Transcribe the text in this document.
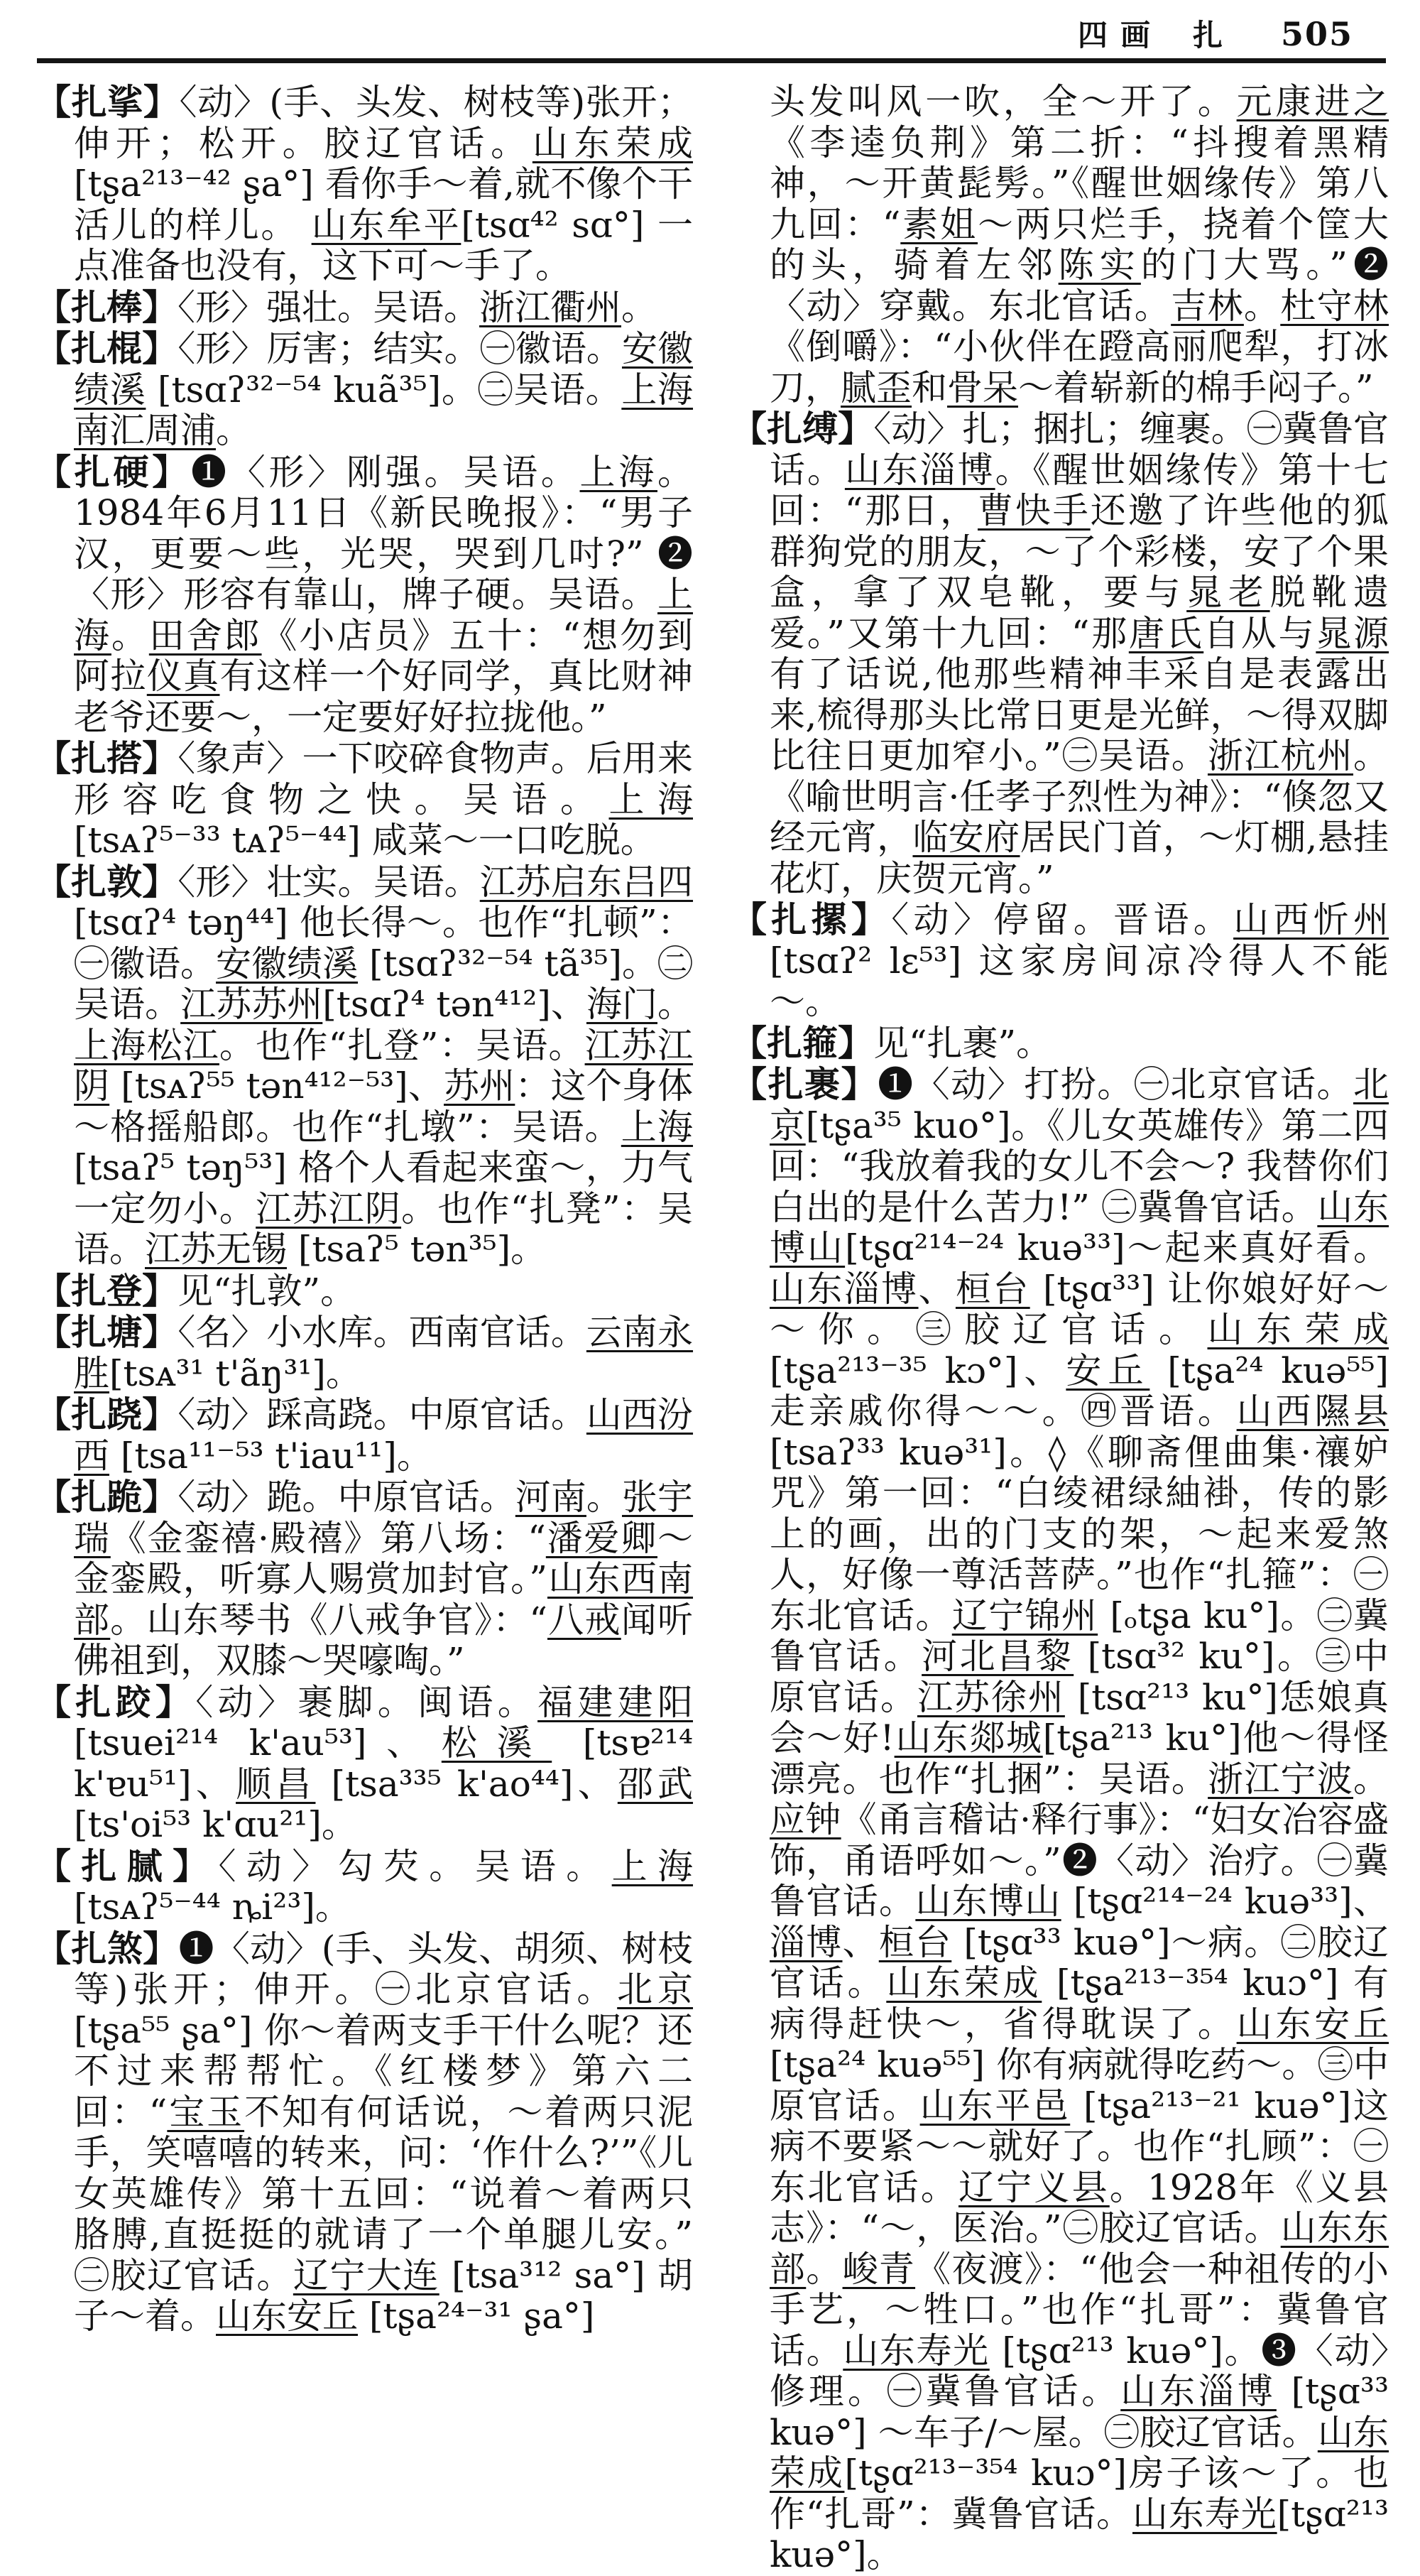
四画 扎 505
【扎挲】〈动〉(手、头发、树枝等)张开；伸开；松开。胶辽官话。山东荣成 [tʂa²¹³⁻⁴² ʂa°] 看你手～着,就不像个干活儿的样儿。 山东牟平[tsɑ⁴² sɑ°] 一点准备也没有，这下可～手了。
【扎棒】〈形〉强壮。吴语。浙江衢州。
【扎棍】〈形〉厉害；结实。㊀徽语。安徽绩溪 [tsɑʔ³²⁻⁵⁴ kuã³⁵]。㊁吴语。上海南汇周浦。
【扎硬】❶〈形〉刚强。吴语。上海。1984年6月11日《新民晚报》：“男子汉，更要～些，光哭，哭到几吋?” ❷〈形〉形容有靠山，牌子硬。吴语。上海。田舍郎《小店员》五十：“想勿到阿拉仪真有这样一个好同学，真比财神老爷还要～，一定要好好拉拢他。”
【扎搭】〈象声〉一下咬碎食物声。后用来形容吃食物之快。吴语。上海 [tsᴀʔ⁵⁻³³ tᴀʔ⁵⁻⁴⁴] 咸菜～一口吃脱。
【扎敦】〈形〉壮实。吴语。江苏启东吕四 [tsɑʔ⁴ təŋ⁴⁴] 他长得～。也作“扎顿”：㊀徽语。安徽绩溪 [tsɑʔ³²⁻⁵⁴ tã³⁵]。㊁吴语。江苏苏州[tsɑʔ⁴ tən⁴¹²]、海门。上海松江。也作“扎登”：吴语。江苏江阴 [tsᴀʔ⁵⁵ tən⁴¹²⁻⁵³]、苏州：这个身体～格摇船郎。也作“扎墩”：吴语。上海 [tsaʔ⁵ təŋ⁵³] 格个人看起来蛮～，力气一定勿小。江苏江阴。也作“扎凳”：吴语。江苏无锡 [tsaʔ⁵ tən³⁵]。
【扎登】见“扎敦”。
【扎塘】〈名〉小水库。西南官话。云南永胜[tsᴀ³¹ t'ãŋ³¹]。
【扎跷】〈动〉踩高跷。中原官话。山西汾西 [tsa¹¹⁻⁵³ t'iau¹¹]。
【扎跪】〈动〉跪。中原官话。河南。张宇瑞《金銮禧·殿禧》第八场：“潘爱卿～金銮殿，听寡人赐赏加封官。”山东西南部。山东琴书《八戒争官》：“八戒闻听佛祖到，双膝～哭嚎啕。”
【扎跤】〈动〉裹脚。闽语。福建建阳 [tsuei²¹⁴ k'au⁵³]、松溪 [tsɐ²¹⁴ k'ɐu⁵¹]、顺昌 [tsa³³⁵ k'ao⁴⁴]、邵武 [ts'oi⁵³ k'ɑu²¹]。
【扎腻】〈动〉勾芡。吴语。上海 [tsᴀʔ⁵⁻⁴⁴ ȵi²³]。
【扎煞】❶〈动〉(手、头发、胡须、树枝等)张开；伸开。㊀北京官话。北京 [tʂa⁵⁵ ʂa°] 你～着两支手干什么呢？还不过来帮帮忙。《红楼梦》第六二回：“宝玉不知有何话说，～着两只泥手，笑嘻嘻的转来，问：‘作什么?’”《儿女英雄传》第十五回：“说着～着两只胳膊,直挺挺的就请了一个单腿儿安。” ㊁胶辽官话。辽宁大连 [tsa³¹² sa°] 胡子～着。山东安丘 [tʂa²⁴⁻³¹ ʂa°]
头发叫风一吹，全～开了。元康进之《李逵负荆》第二折：“抖搜着黑精神，～开黄髭髣。”《醒世姻缘传》第八九回：“素姐～两只烂手，挠着个筐大的头，骑着左邻陈实的门大骂。”❷〈动〉穿戴。东北官话。吉林。杜守林《倒嚼》：“小伙伴在蹬高丽爬犁，打冰刀，腻歪和骨呆～着崭新的棉手闷子。”
【扎缚】〈动〉扎；捆扎；缠裹。㊀冀鲁官话。山东淄博。《醒世姻缘传》第十七回：“那日，曹快手还邀了许些他的狐群狗党的朋友，～了个彩楼，安了个果盒，拿了双皂靴，要与晁老脱靴遗爱。”又第十九回：“那唐氏自从与晁源有了话说,他那些精神丰采自是表露出来,梳得那头比常日更是光鲜，～得双脚比往日更加窄小。”㊁吴语。浙江杭州。《喻世明言·任孝子烈性为神》：“倏忽又经元宵，临安府居民门首，～灯棚,悬挂花灯，庆贺元宵。”
【扎摞】〈动〉停留。晋语。山西忻州 [tsɑʔ² lɛ⁵³] 这家房间凉冷得人不能～。
【扎箍】见“扎裹”。
【扎裹】❶〈动〉打扮。㊀北京官话。北京[tʂa³⁵ kuo°]。《儿女英雄传》第二四回：“我放着我的女儿不会～? 我替你们白出的是什么苦力!” ㊁冀鲁官话。山东博山[tʂɑ²¹⁴⁻²⁴ kuə³³]～起来真好看。山东淄博、桓台 [tʂɑ³³] 让你娘好好～～你。㊂胶辽官话。山东荣成 [tʂa²¹³⁻³⁵ kɔ°]、安丘 [tʂa²⁴ kuə⁵⁵] 走亲戚你得～～。㊃晋语。山西隰县 [tsaʔ³³ kuə³¹]。◊《聊斋俚曲集·禳妒咒》第一回：“白绫裙绿紬褂，传的影上的画，出的门支的架，～起来爱煞人，好像一尊活菩萨。”也作“扎箍”：㊀东北官话。辽宁锦州 [ₒtʂa ku°]。㊁冀鲁官话。河北昌黎 [tsɑ³² ku°]。㊂中原官话。江苏徐州 [tsɑ²¹³ ku°]恁娘真会～好!山东郯城[tʂa²¹³ ku°]他～得怪漂亮。也作“扎捆”：吴语。浙江宁波。应钟《甬言稽诂·释行事》：“妇女冶容盛饰，甬语呼如～。”❷〈动〉治疗。㊀冀鲁官话。山东博山 [tʂɑ²¹⁴⁻²⁴ kuə³³]、淄博、桓台 [tʂɑ³³ kuə°]～病。㊁胶辽官话。山东荣成 [tʂa²¹³⁻³⁵⁴ kuɔ°] 有病得赶快～，省得耽误了。山东安丘 [tʂa²⁴ kuə⁵⁵] 你有病就得吃药～。㊂中原官话。山东平邑 [tʂa²¹³⁻²¹ kuə°]这病不要紧～～就好了。也作“扎顾”：㊀东北官话。辽宁义县。1928年《义县志》：“～，医治。”㊁胶辽官话。山东东部。峻青《夜渡》：“他会一种祖传的小手艺，～牲口。”也作“扎哥”：冀鲁官话。山东寿光 [tʂɑ²¹³ kuə°]。❸〈动〉修理。㊀冀鲁官话。山东淄博 [tʂɑ³³ kuə°] ～车子/～屋。㊁胶辽官话。山东荣成[tʂɑ²¹³⁻³⁵⁴ kuɔ°]房子该～了。也作“扎哥”：冀鲁官话。山东寿光[tʂɑ²¹³ kuə°]。
